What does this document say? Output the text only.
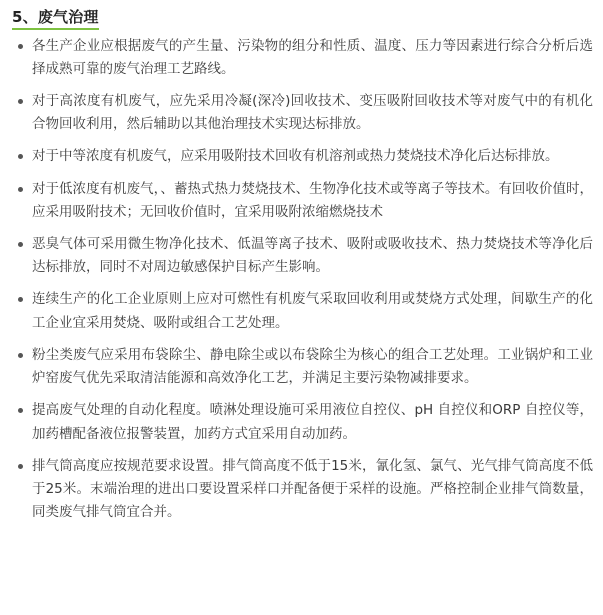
5、废气治理
各生产企业应根据废气的产生量、污染物的组分和性质、温度、压力等因素进行综合分析后选择成熟可靠的废气治理工艺路线。
对于高浓度有机废气，应先采用冷凝(深冷)回收技术、变压吸附回收技术等对废气中的有机化合物回收利用，然后辅助以其他治理技术实现达标排放。
对于中等浓度有机废气，应采用吸附技术回收有机溶剂或热力焚烧技术净化后达标排放。
对于低浓度有机废气，、蓄热式热力焚烧技术、生物净化技术或等离子等技术。有回收价值时，应采用吸附技术；无回收价值时，宜采用吸附浓缩燃烧技术
恶臭气体可采用微生物净化技术、低温等离子技术、吸附或吸收技术、热力焚烧技术等净化后达标排放，同时不对周边敏感保护目标产生影响。
连续生产的化工企业原则上应对可燃性有机废气采取回收利用或焚烧方式处理，间歇生产的化工企业宜采用焚烧、吸附或组合工艺处理。
粉尘类废气应采用布袋除尘、静电除尘或以布袋除尘为核心的组合工艺处理。工业锅炉和工业炉窑废气优先采取清洁能源和高效净化工艺，并满足主要污染物减排要求。
提高废气处理的自动化程度。喷淋处理设施可采用液位自控仪、pH 自控仪和ORP 自控仪等，加药槽配备液位报警装置，加药方式宜采用自动加药。
排气筒高度应按规范要求设置。排气筒高度不低于15米，氰化氢、氯气、光气排气筒高度不低于25米。末端治理的进出口要设置采样口并配备便于采样的设施。严格控制企业排气筒数量，同类废气排气筒宜合并。
